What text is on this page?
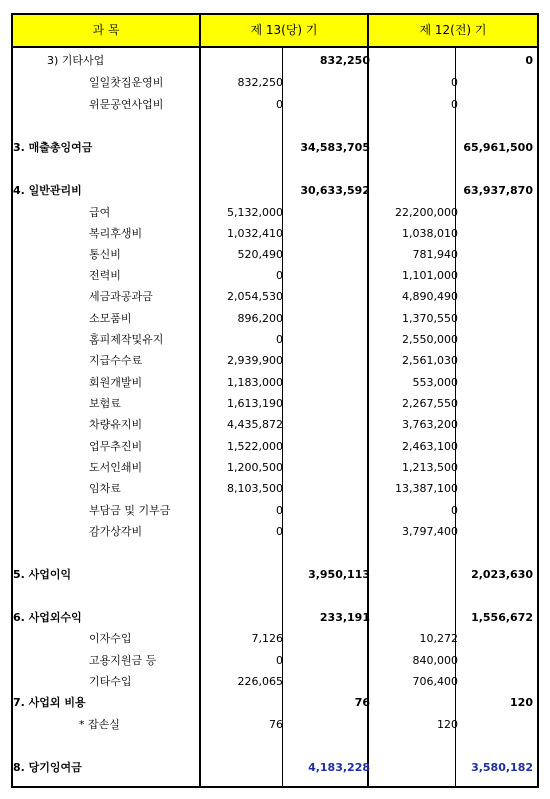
과 목	제 13(당) 기	제 12(전) 기
3) 기타사업	832,250	0
일일찻집운영비	832,250	0
위문공연사업비	0	0
3. 매출총잉여금	34,583,705	65,961,500
4. 일반관리비	30,633,592	63,937,870
급여	5,132,000	22,200,000
복리후생비	1,032,410	1,038,010
통신비	520,490	781,940
전력비	0	1,101,000
세금과공과금	2,054,530	4,890,490
소모품비	896,200	1,370,550
홈피제작및유지	0	2,550,000
지급수수료	2,939,900	2,561,030
회원개발비	1,183,000	553,000
보험료	1,613,190	2,267,550
차량유지비	4,435,872	3,763,200
업무추진비	1,522,000	2,463,100
도서인쇄비	1,200,500	1,213,500
임차료	8,103,500	13,387,100
부담금 및 기부금	0	0
감가상각비	0	3,797,400
5. 사업이익	3,950,113	2,023,630
6. 사업외수익	233,191	1,556,672
이자수입	7,126	10,272
고용지원금 등	0	840,000
기타수입	226,065	706,400
7. 사업외 비용	76	120
* 잡손실	76	120
8. 당기잉여금	4,183,228	3,580,182
